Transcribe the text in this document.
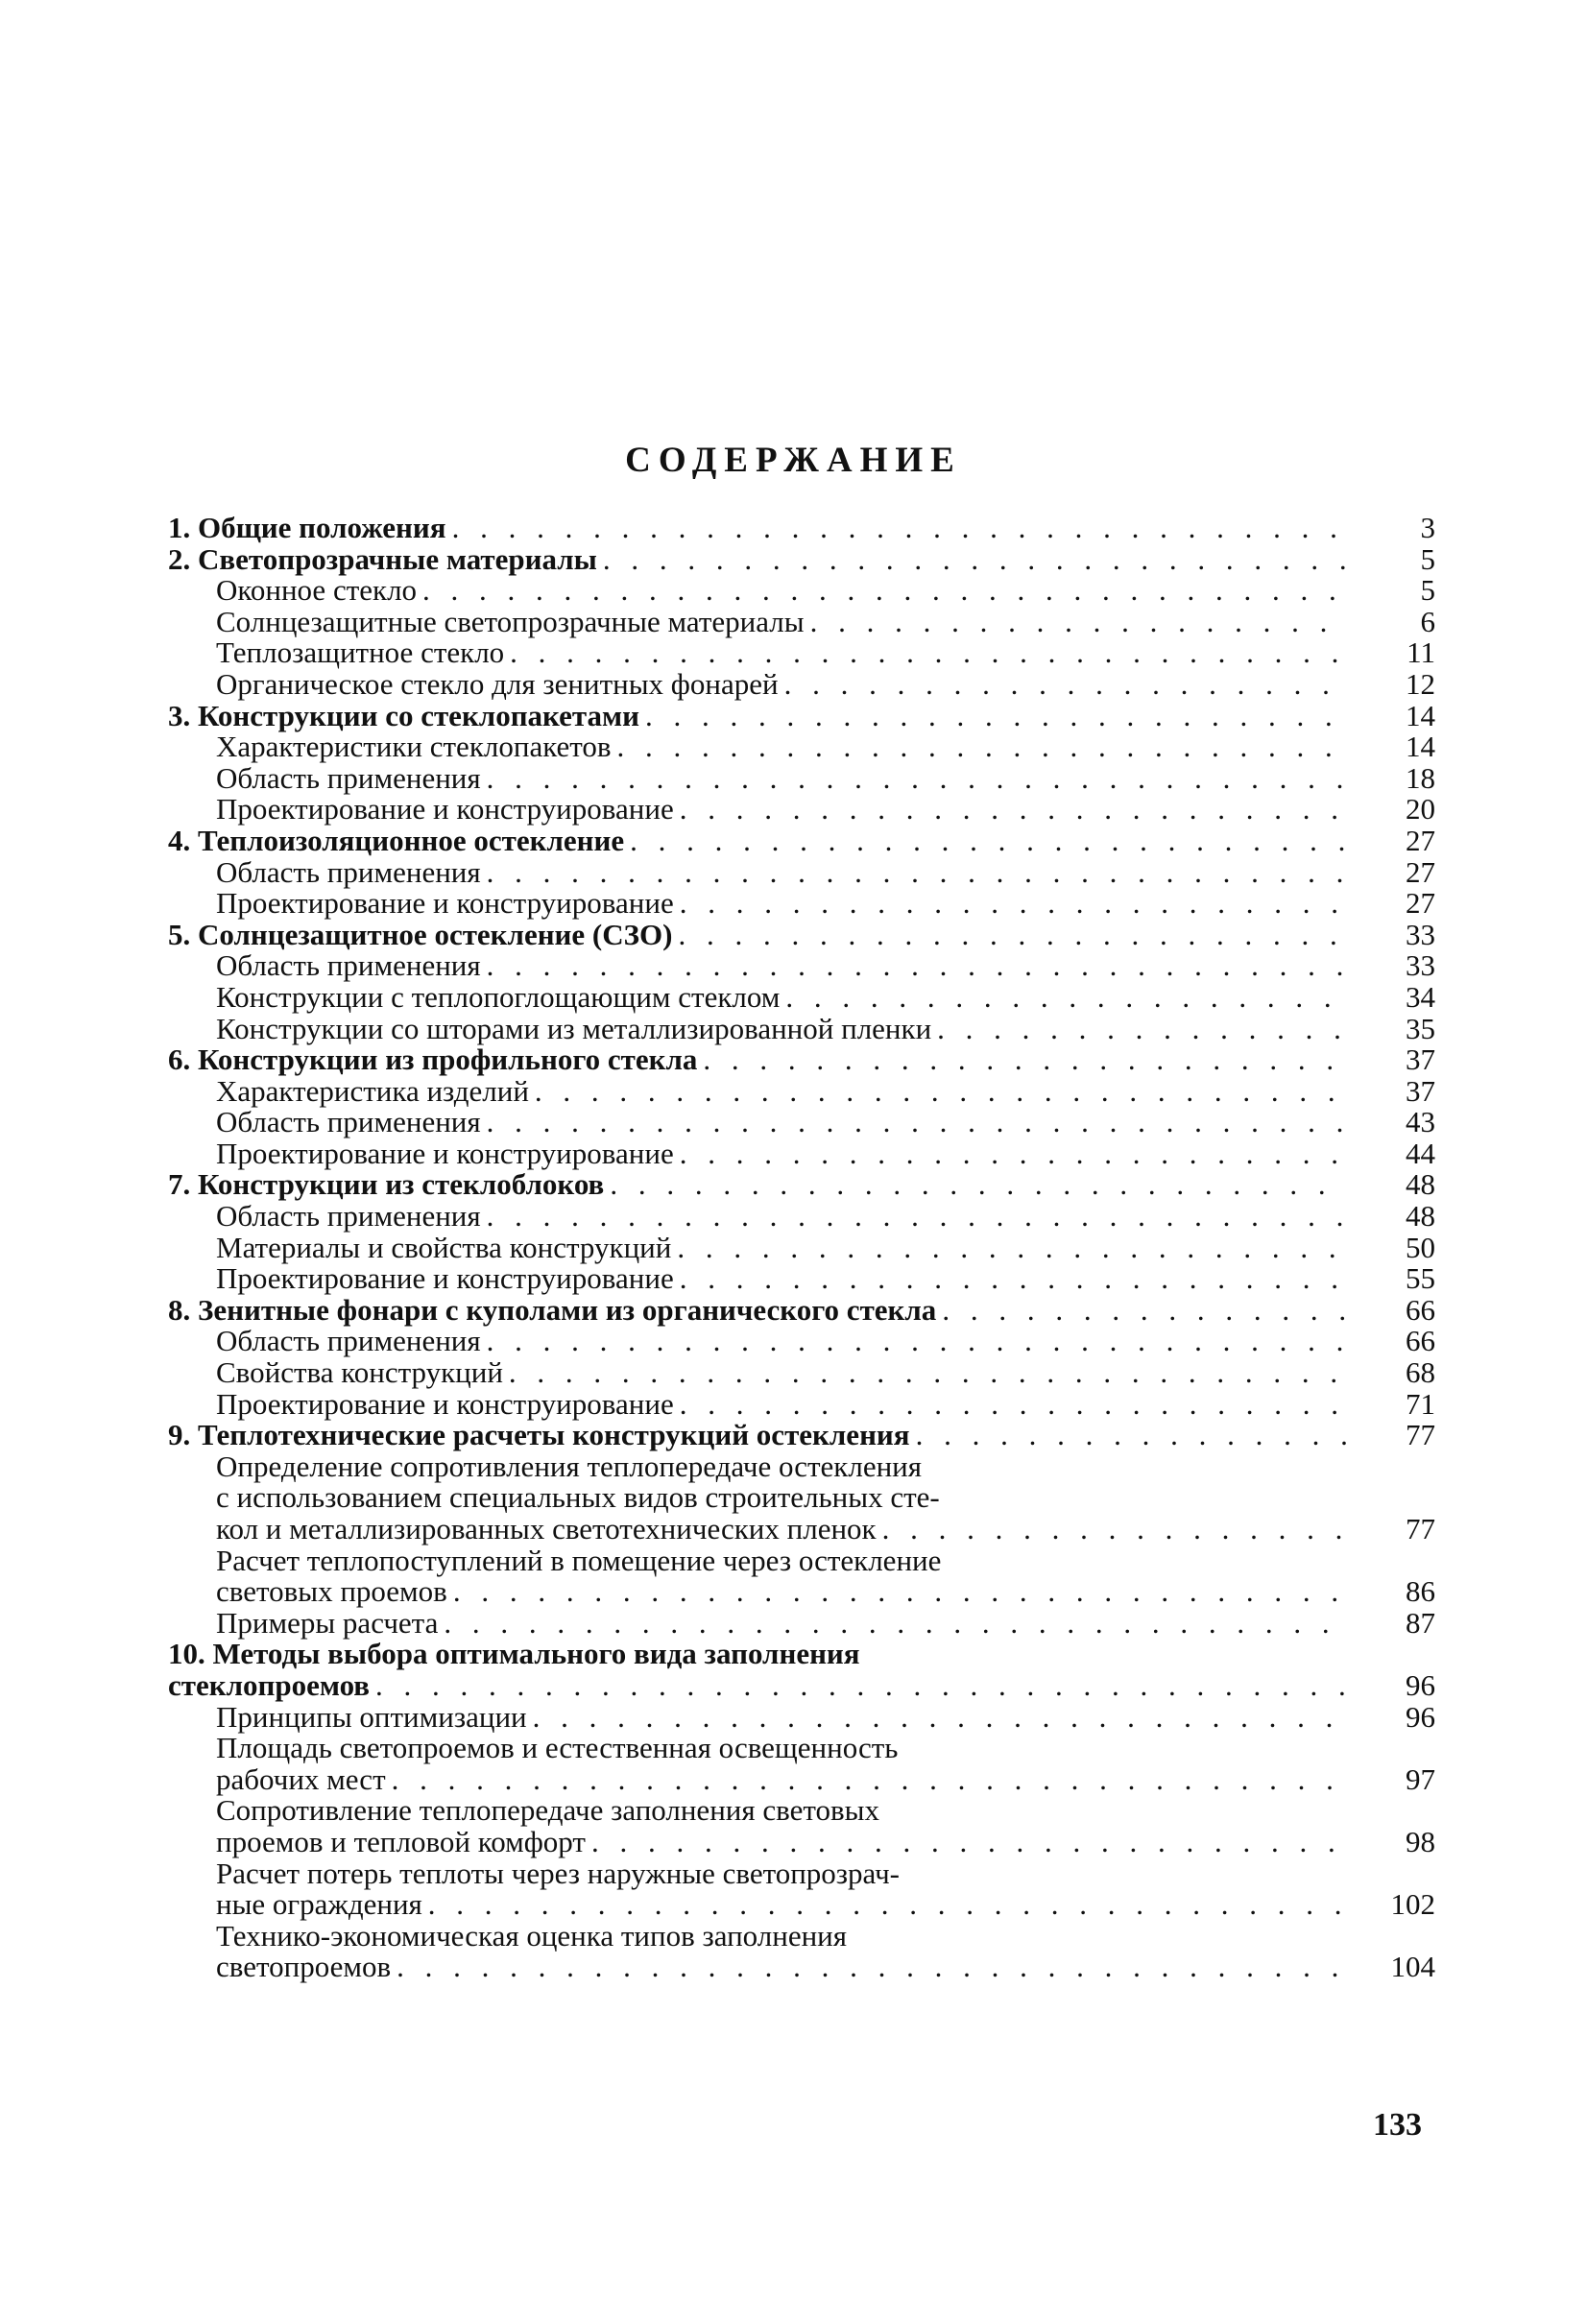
СОДЕРЖАНИЕ
1. Общие положения . . .	3
2. Светопрозрачные материалы . . .	5
Оконное стекло . . .	5
Солнцезащитные светопрозрачные материалы . . .	6
Теплозащитное стекло . . .	11
Органическое стекло для зенитных фонарей . . .	12
3. Конструкции со стеклопакетами . . .	14
Характеристики стеклопакетов . . .	14
Область применения . . .	18
Проектирование и конструирование . . .	20
4. Теплоизоляционное остекление . . .	27
Область применения . . .	27
Проектирование и конструирование . . .	27
5. Солнцезащитное остекление (СЗО) . . .	33
Область применения . . .	33
Конструкции с теплопоглощающим стеклом . . .	34
Конструкции со шторами из металлизированной пленки . . .	35
6. Конструкции из профильного стекла . . .	37
Характеристика изделий . . .	37
Область применения . . .	43
Проектирование и конструирование . . .	44
7. Конструкции из стеклоблоков . . .	48
Область применения . . .	48
Материалы и свойства конструкций . . .	50
Проектирование и конструирование . . .	55
8. Зенитные фонари с куполами из органического стекла . . .	66
Область применения . . .	66
Свойства конструкций . . .	68
Проектирование и конструирование . . .	71
9. Теплотехнические расчеты конструкций остекления . . .	77
Определение сопротивления теплопередаче остекления
с использованием специальных видов строительных сте-
кол и металлизированных светотехнических пленок . . .	77
Расчет теплопоступлений в помещение через остекление
световых проемов . . .	86
Примеры расчета . . .	87
10. Методы выбора оптимального вида заполнения
стеклопроемов . . .	96
Принципы оптимизации . . .	96
Площадь светопроемов и естественная освещенность
рабочих мест . . .	97
Сопротивление теплопередаче заполнения световых
проемов и тепловой комфорт . . .	98
Расчет потерь теплоты через наружные светопрозрач-
ные ограждения . . .	102
Технико-экономическая оценка типов заполнения
светопроемов . . .	104
133
